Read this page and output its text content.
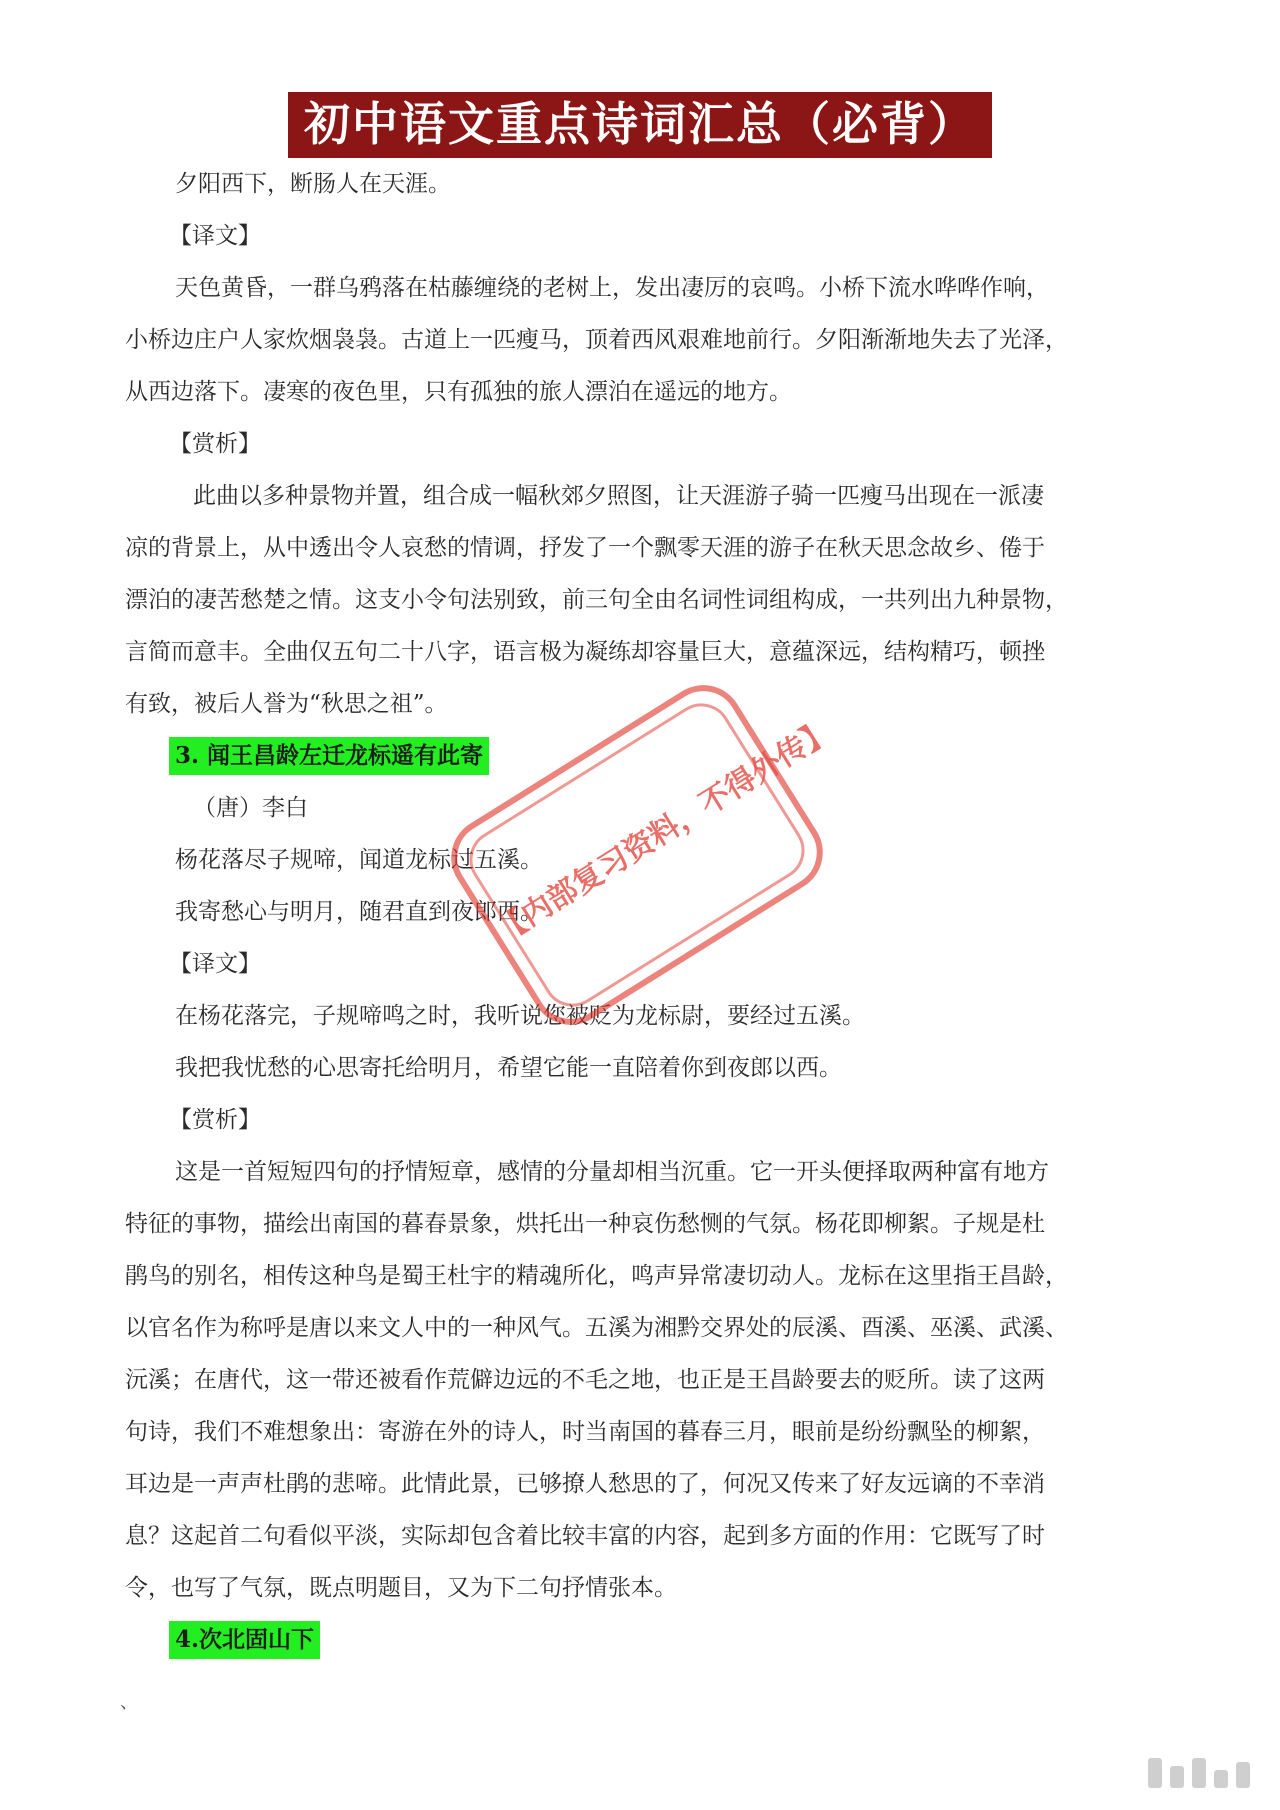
初中语文重点诗词汇总（必背）
夕阳西下，断肠人在天涯。
【译文】
天色黄昏，一群乌鸦落在枯藤缠绕的老树上，发出凄厉的哀鸣。小桥下流水哗哗作响，
小桥边庄户人家炊烟袅袅。古道上一匹瘦马，顶着西风艰难地前行。夕阳渐渐地失去了光泽，
从西边落下。凄寒的夜色里，只有孤独的旅人漂泊在遥远的地方。
【赏析】
此曲以多种景物并置，组合成一幅秋郊夕照图，让天涯游子骑一匹瘦马出现在一派凄
凉的背景上，从中透出令人哀愁的情调，抒发了一个飘零天涯的游子在秋天思念故乡、倦于
漂泊的凄苦愁楚之情。这支小令句法别致，前三句全由名词性词组构成，一共列出九种景物，
言简而意丰。全曲仅五句二十八字，语言极为凝练却容量巨大，意蕴深远，结构精巧，顿挫
有致，被后人誉为“秋思之祖”。
3. 闻王昌龄左迁龙标遥有此寄
（唐）李白
杨花落尽子规啼，闻道龙标过五溪。
我寄愁心与明月，随君直到夜郎西。
【译文】
在杨花落完，子规啼鸣之时，我听说您被贬为龙标尉，要经过五溪。
我把我忧愁的心思寄托给明月，希望它能一直陪着你到夜郎以西。
【赏析】
这是一首短短四句的抒情短章，感情的分量却相当沉重。它一开头便择取两种富有地方
特征的事物，描绘出南国的暮春景象，烘托出一种哀伤愁恻的气氛。杨花即柳絮。子规是杜
鹃鸟的别名，相传这种鸟是蜀王杜宇的精魂所化，鸣声异常凄切动人。龙标在这里指王昌龄，
以官名作为称呼是唐以来文人中的一种风气。五溪为湘黔交界处的辰溪、酉溪、巫溪、武溪、
沅溪；在唐代，这一带还被看作荒僻边远的不毛之地，也正是王昌龄要去的贬所。读了这两
句诗，我们不难想象出：寄游在外的诗人，时当南国的暮春三月，眼前是纷纷飘坠的柳絮，
耳边是一声声杜鹃的悲啼。此情此景，已够撩人愁思的了，何况又传来了好友远谪的不幸消
息？这起首二句看似平淡，实际却包含着比较丰富的内容，起到多方面的作用：它既写了时
令，也写了气氛，既点明题目，又为下二句抒情张本。
4.次北固山下
【内部复习资料，不得外传】
、
